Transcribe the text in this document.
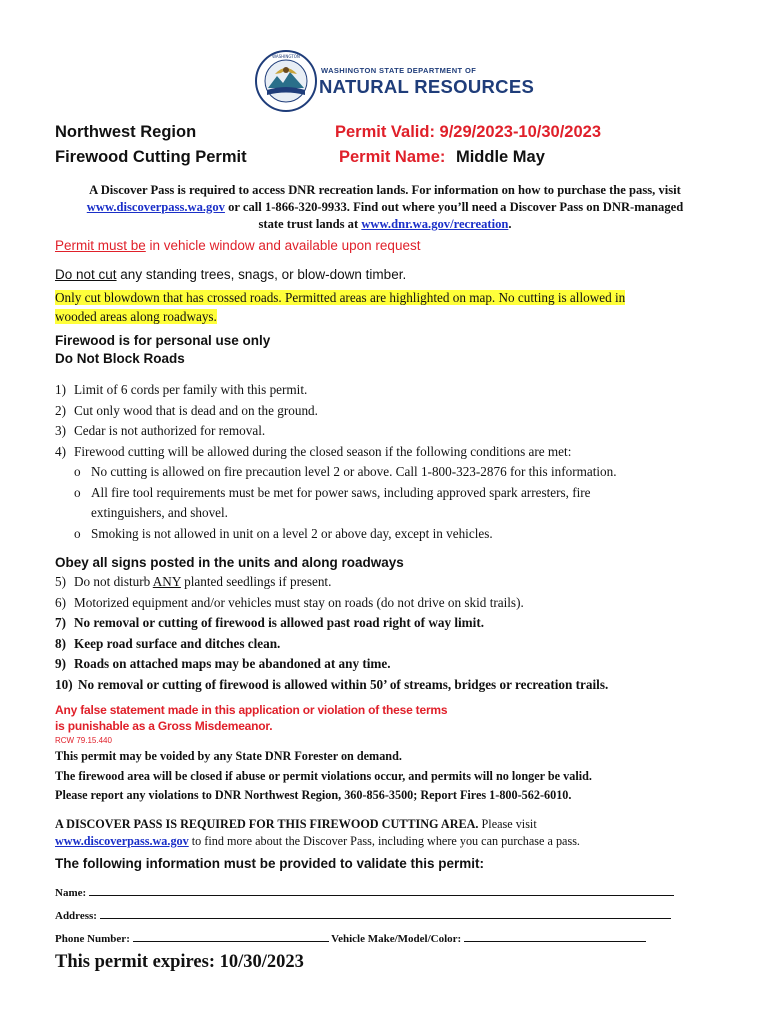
WASHINGTON
WASHINGTON STATE DEPARTMENT OF
NATURAL RESOURCES
Northwest Region
Firewood Cutting Permit
Permit Valid: 9/29/2023-10/30/2023
Permit Name: Middle May
A Discover Pass is required to access DNR recreation lands. For information on how to purchase the pass, visit
www.discoverpass.wa.gov or call 1-866-320-9933. Find out where you’ll need a Discover Pass on DNR-managed
state trust lands at www.dnr.wa.gov/recreation.
Permit must be in vehicle window and available upon request
Do not cut any standing trees, snags, or blow-down timber.
Only cut blowdown that has crossed roads. Permitted areas are highlighted on map. No cutting is allowed in
wooded areas along roadways.
Firewood is for personal use only
Do Not Block Roads
1) Limit of 6 cords per family with this permit.
2) Cut only wood that is dead and on the ground.
3) Cedar is not authorized for removal.
4) Firewood cutting will be allowed during the closed season if the following conditions are met:
o No cutting is allowed on fire precaution level 2 or above. Call 1-800-323-2876 for this information.
o All fire tool requirements must be met for power saws, including approved spark arresters, fire
extinguishers, and shovel.
o Smoking is not allowed in unit on a level 2 or above day, except in vehicles.
Obey all signs posted in the units and along roadways
5) Do not disturb ANY planted seedlings if present.
6) Motorized equipment and/or vehicles must stay on roads (do not drive on skid trails).
7) No removal or cutting of firewood is allowed past road right of way limit.
8) Keep road surface and ditches clean.
9) Roads on attached maps may be abandoned at any time.
10) No removal or cutting of firewood is allowed within 50’ of streams, bridges or recreation trails.
Any false statement made in this application or violation of these terms
is punishable as a Gross Misdemeanor.
RCW 79.15.440
This permit may be voided by any State DNR Forester on demand.
The firewood area will be closed if abuse or permit violations occur, and permits will no longer be valid.
Please report any violations to DNR Northwest Region, 360-856-3500; Report Fires 1-800-562-6010.
A DISCOVER PASS IS REQUIRED FOR THIS FIREWOOD CUTTING AREA. Please visit
www.discoverpass.wa.gov to find more about the Discover Pass, including where you can purchase a pass.
The following information must be provided to validate this permit:
Name:
Address:
Phone Number:	Vehicle Make/Model/Color:
This permit expires: 10/30/2023
